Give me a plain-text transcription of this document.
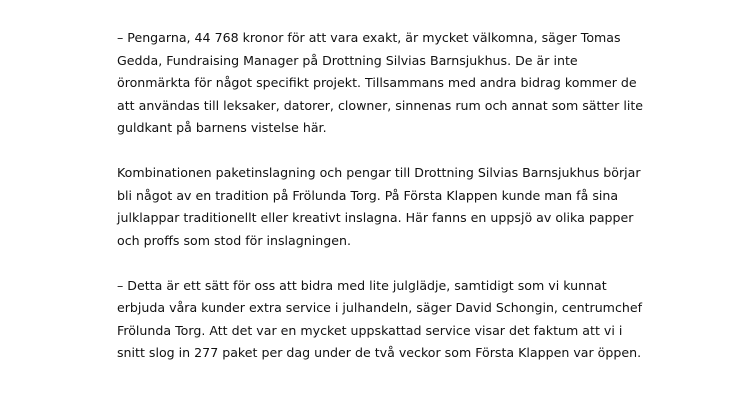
– Pengarna, 44 768 kronor för att vara exakt, är mycket välkomna, säger Tomas
Gedda, Fundraising Manager på Drottning Silvias Barnsjukhus. De är inte
öronmärkta för något specifikt projekt. Tillsammans med andra bidrag kommer de
att användas till leksaker, datorer, clowner, sinnenas rum och annat som sätter lite
guldkant på barnens vistelse här.

Kombinationen paketinslagning och pengar till Drottning Silvias Barnsjukhus börjar
bli något av en tradition på Frölunda Torg. På Första Klappen kunde man få sina
julklappar traditionellt eller kreativt inslagna. Här fanns en uppsjö av olika papper
och proffs som stod för inslagningen.

– Detta är ett sätt för oss att bidra med lite julglädje, samtidigt som vi kunnat
erbjuda våra kunder extra service i julhandeln, säger David Schongin, centrumchef
Frölunda Torg. Att det var en mycket uppskattad service visar det faktum att vi i
snitt slog in 277 paket per dag under de två veckor som Första Klappen var öppen.
